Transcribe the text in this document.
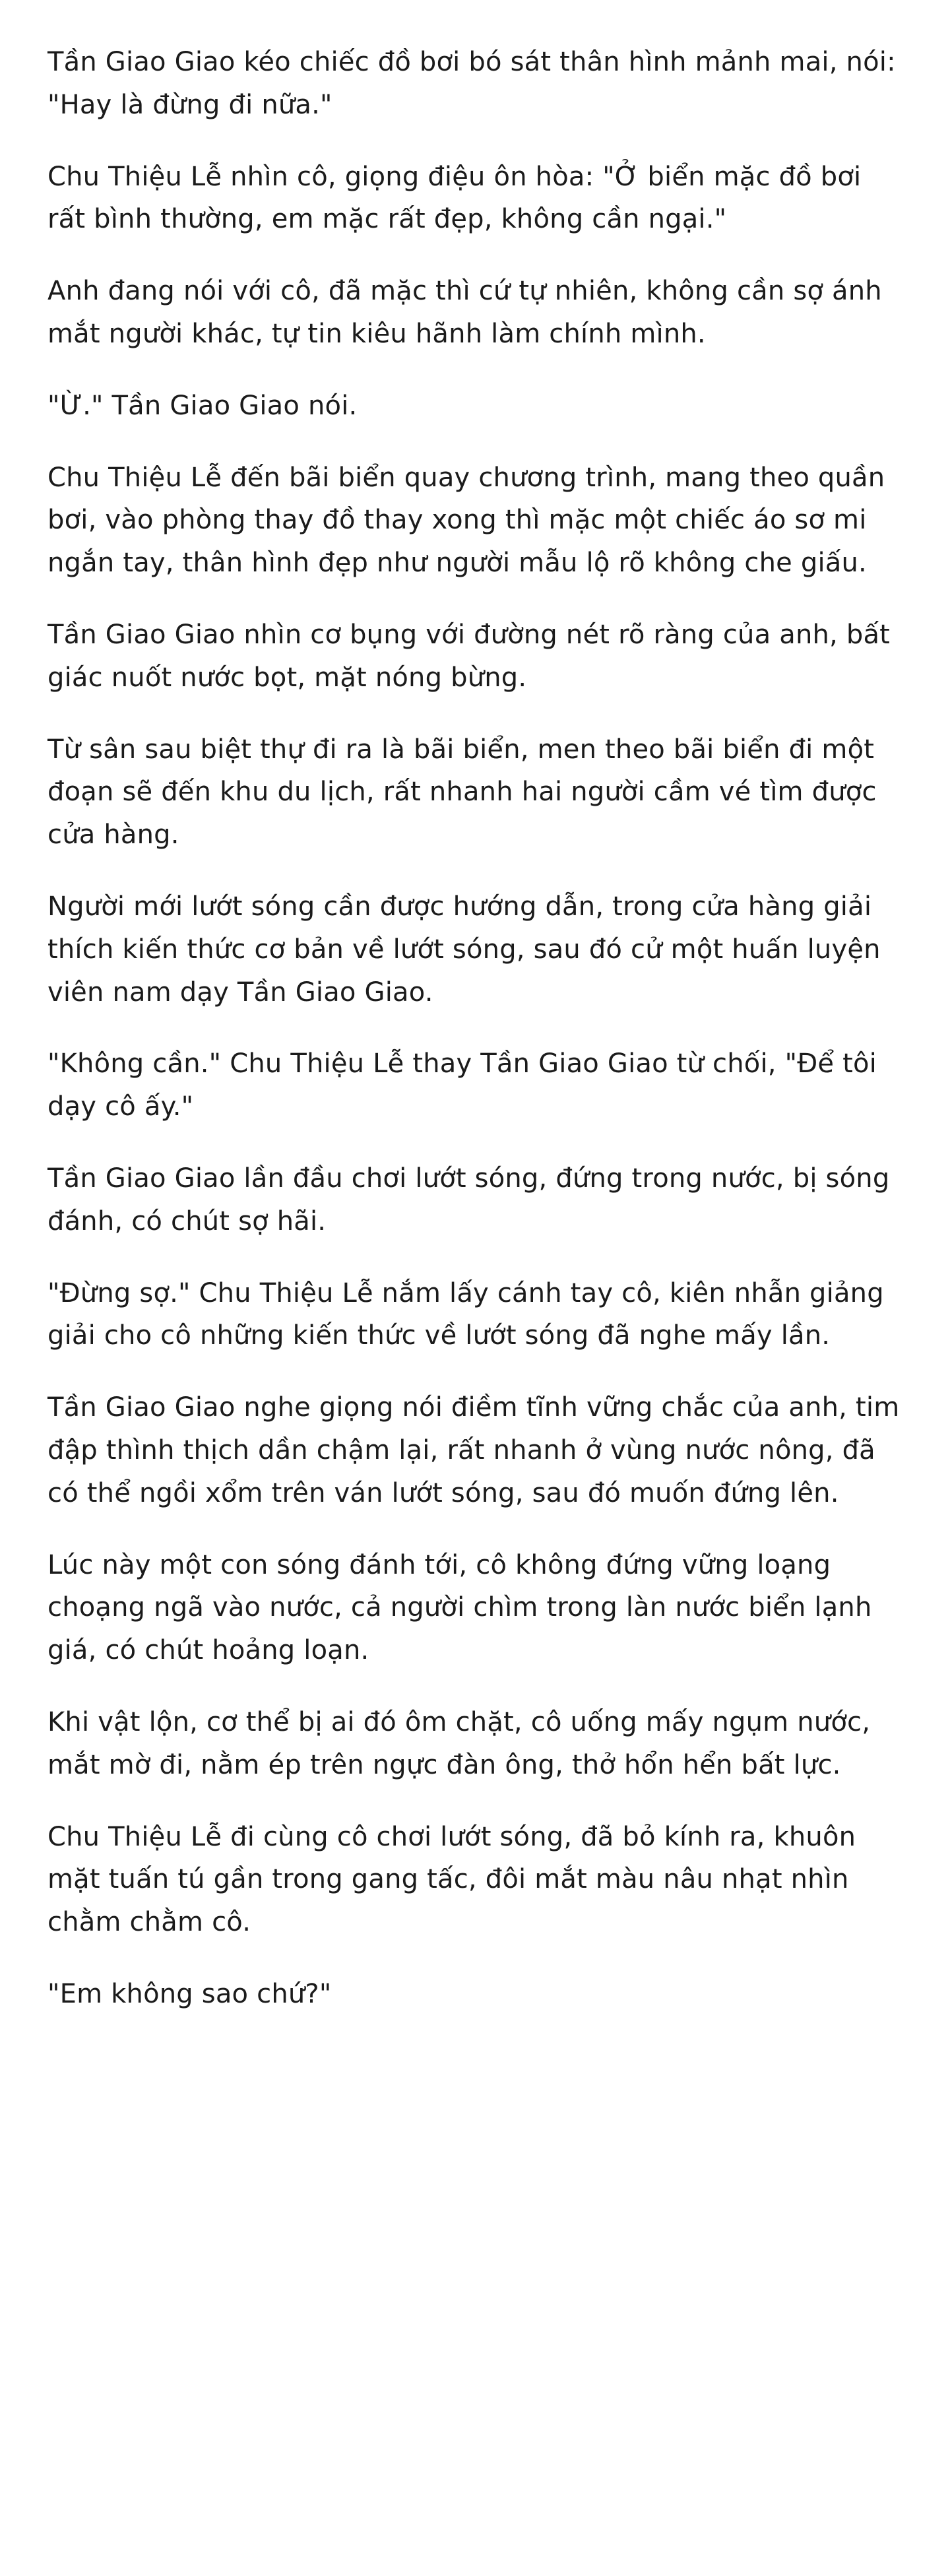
Tần Giao Giao kéo chiếc đồ bơi bó sát thân hình mảnh mai, nói: "Hay là đừng đi nữa."

Chu Thiệu Lễ nhìn cô, giọng điệu ôn hòa: "Ở biển mặc đồ bơi rất bình thường, em mặc rất đẹp, không cần ngại."

Anh đang nói với cô, đã mặc thì cứ tự nhiên, không cần sợ ánh mắt người khác, tự tin kiêu hãnh làm chính mình.

"Ừ." Tần Giao Giao nói.

Chu Thiệu Lễ đến bãi biển quay chương trình, mang theo quần bơi, vào phòng thay đồ thay xong thì mặc một chiếc áo sơ mi ngắn tay, thân hình đẹp như người mẫu lộ rõ không che giấu.

Tần Giao Giao nhìn cơ bụng với đường nét rõ ràng của anh, bất giác nuốt nước bọt, mặt nóng bừng.

Từ sân sau biệt thự đi ra là bãi biển, men theo bãi biển đi một đoạn sẽ đến khu du lịch, rất nhanh hai người cầm vé tìm được cửa hàng.

Người mới lướt sóng cần được hướng dẫn, trong cửa hàng giải thích kiến thức cơ bản về lướt sóng, sau đó cử một huấn luyện viên nam dạy Tần Giao Giao.

"Không cần." Chu Thiệu Lễ thay Tần Giao Giao từ chối, "Để tôi dạy cô ấy."

Tần Giao Giao lần đầu chơi lướt sóng, đứng trong nước, bị sóng đánh, có chút sợ hãi.

"Đừng sợ." Chu Thiệu Lễ nắm lấy cánh tay cô, kiên nhẫn giảng giải cho cô những kiến thức về lướt sóng đã nghe mấy lần.

Tần Giao Giao nghe giọng nói điềm tĩnh vững chắc của anh, tim đập thình thịch dần chậm lại, rất nhanh ở vùng nước nông, đã có thể ngồi xổm trên ván lướt sóng, sau đó muốn đứng lên.

Lúc này một con sóng đánh tới, cô không đứng vững loạng choạng ngã vào nước, cả người chìm trong làn nước biển lạnh giá, có chút hoảng loạn.

Khi vật lộn, cơ thể bị ai đó ôm chặt, cô uống mấy ngụm nước, mắt mờ đi, nằm ép trên ngực đàn ông, thở hổn hển bất lực.

Chu Thiệu Lễ đi cùng cô chơi lướt sóng, đã bỏ kính ra, khuôn mặt tuấn tú gần trong gang tấc, đôi mắt màu nâu nhạt nhìn chằm chằm cô.

"Em không sao chứ?"
